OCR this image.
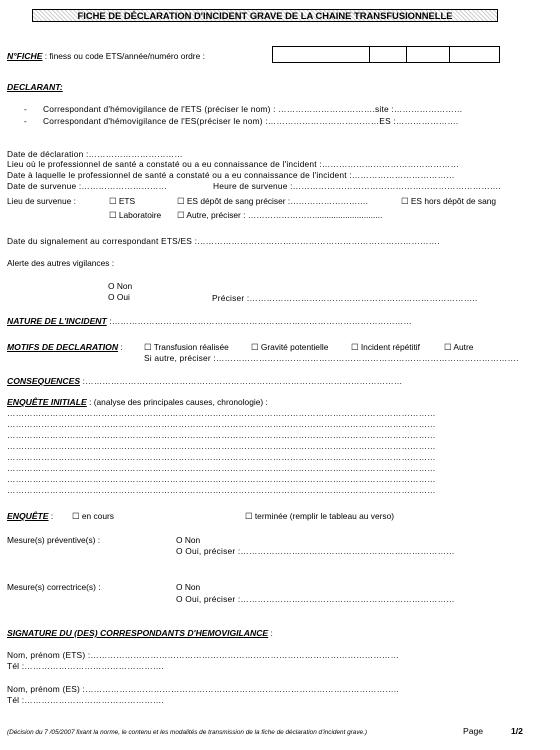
FICHE DE DÉCLARATION D'INCIDENT GRAVE DE LA CHAINE TRANSFUSIONNELLE
N°FICHE : finess ou code ETS/année/numéro ordre :
DECLARANT:
- Correspondant d'hémovigilance de l'ETS (préciser le nom) : …………………………….site :……………………
- Correspondant d'hémovigilance de l'ES(préciser le nom) :…………………………………ES :………………….
Date de déclaration :……………………………
Lieu où le professionnel de santé a constaté ou a eu connaissance de l'incident :…………………………………………
Date à laquelle le professionnel de santé a constaté ou a eu connaissance de l'incident :………………………………
Date de survenue :…………………………	Heure de survenue :……………………………………………………………….
Lieu de survenue :	☐ ETS	☐ ES dépôt de sang préciser :……………………….	☐ ES hors dépôt de sang
☐ Laboratoire ☐ Autre, préciser : …………………….............................
Date du signalement au correspondant ETS/ES :………………………………………………………………………….
Alerte des autres vigilances :
O Non
O Oui	Préciser :……………………………………………………………………..
NATURE DE L'INCIDENT :……………………………………………………………………………………………
MOTIFS DE DECLARATION :	☐ Transfusion réalisée	☐ Gravité potentielle	☐ Incident répétitif	☐ Autre
Si autre, préciser :…………………………………………………………………………………………….
CONSEQUENCES :…………………………………………………………………………………………………
ENQUÊTE INITIALE : (analyse des principales causes, chronologie) :
……………………………………………………………………………………………………………………………………
……………………………………………………………………………………………………………………………………
……………………………………………………………………………………………………………………………………
……………………………………………………………………………………………………………………………………
……………………………………………………………………………………………………………………………………
……………………………………………………………………………………………………………………………………
……………………………………………………………………………………………………………………………………
……………………………………………………………………………………………………………………………………
ENQUÊTE : ☐ en cours	☐ terminée (remplir le tableau au verso)
Mesure(s) préventive(s) :	O Non
O Oui, préciser :…………………………………………………………………
Mesure(s) correctrice(s) :	O Non
O Oui, préciser :…………………………………………………………………
SIGNATURE DU (DES) CORRESPONDANTS D'HEMOVIGILANCE :
Nom, prénom (ETS) :………………………………………………………………………………………………
Tél :………………………………………….
Nom, prénom (ES) :………………………………………………………………………………………………..
Tél :………………………………………….
(Décision du 7 /05/2007 fixant la norme, le contenu et les modalités de transmission de la fiche de déclaration d'incident grave.)	Page	1/2
